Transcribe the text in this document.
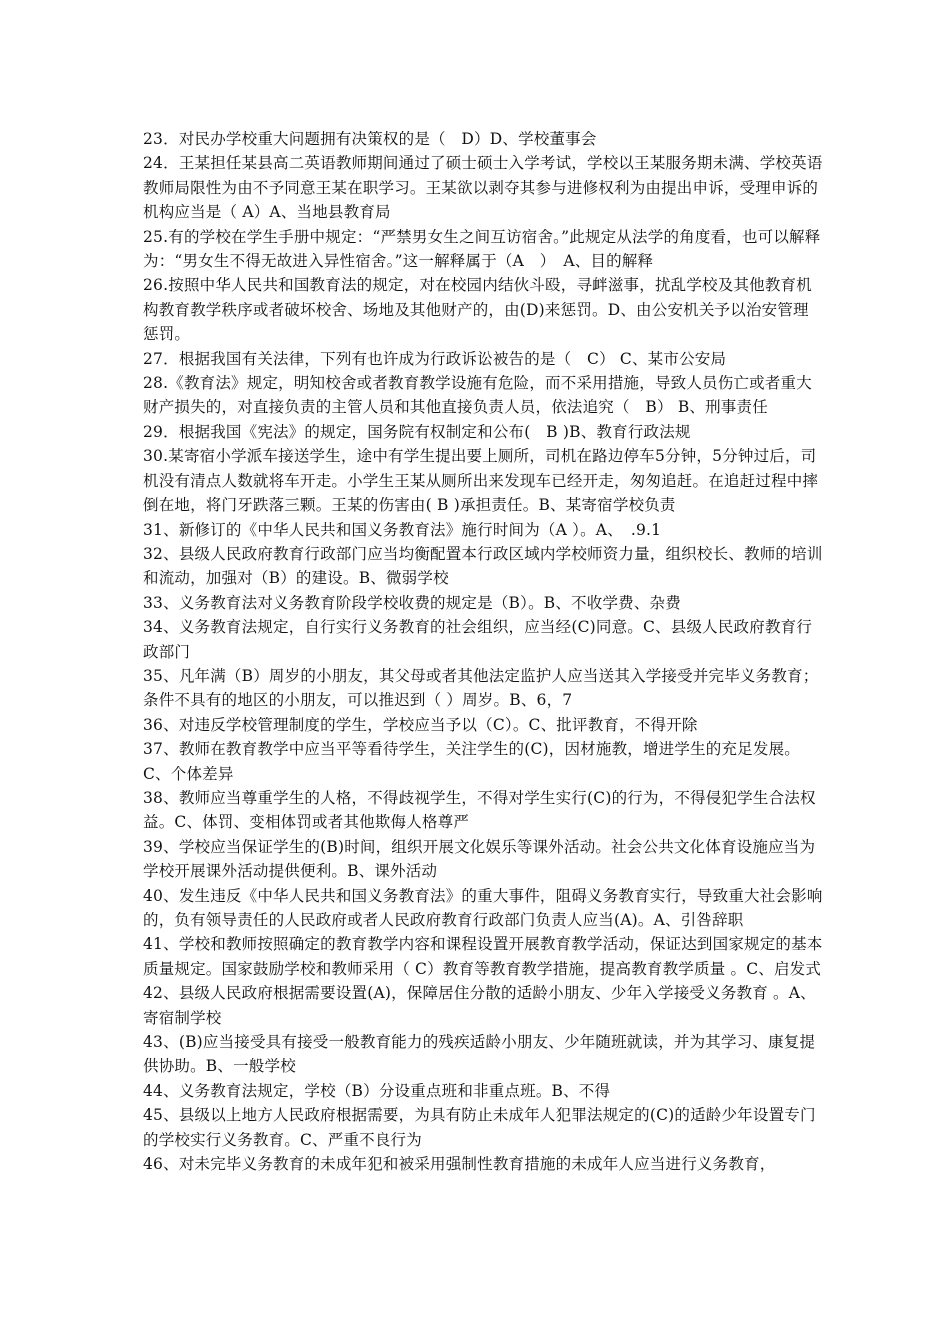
23．对民办学校重大问题拥有决策权的是（　D）D、学校董事会

24．王某担任某县高二英语教师期间通过了硕士硕士入学考试，学校以王某服务期未满、学校英语教师局限性为由不予同意王某在职学习。王某欲以剥夺其参与进修权利为由提出申诉，受理申诉的机构应当是（ A）A、当地县教育局

25.有的学校在学生手册中规定：“严禁男女生之间互访宿舍。”此规定从法学的角度看，也可以解释为：“男女生不得无故进入异性宿舍。”这一解释属于（A　）　A、目的解释

26.按照中华人民共和国教育法的规定，对在校园内结伙斗殴，寻衅滋事，扰乱学校及其他教育机构教育教学秩序或者破坏校舍、场地及其他财产的，由(D)来惩罚。D、由公安机关予以治安管理惩罚。

27．根据我国有关法律，下列有也许成为行政诉讼被告的是（　C） C、某市公安局

28.《教育法》规定，明知校舍或者教育教学设施有危险，而不采用措施，导致人员伤亡或者重大财产损失的，对直接负责的主管人员和其他直接负责人员，依法追究（　B） B、刑事责任

29．根据我国《宪法》的规定，国务院有权制定和公布(　B )B、教育行政法规

30.某寄宿小学派车接送学生，途中有学生提出要上厕所，司机在路边停车5分钟，5分钟过后，司机没有清点人数就将车开走。小学生王某从厕所出来发现车已经开走，匆匆追赶。在追赶过程中摔倒在地，将门牙跌落三颗。王某的伤害由( B )承担责任。B、某寄宿学校负责

31、新修订的《中华人民共和国义务教育法》施行时间为（A ）。A、　.9.1

32、县级人民政府教育行政部门应当均衡配置本行政区域内学校师资力量，组织校长、教师的培训和流动，加强对（B）的建设。B、微弱学校

33、义务教育法对义务教育阶段学校收费的规定是（B）。B、不收学费、杂费

34、义务教育法规定，自行实行义务教育的社会组织，应当经(C)同意。C、县级人民政府教育行政部门

35、凡年满（B）周岁的小朋友，其父母或者其他法定监护人应当送其入学接受并完毕义务教育；条件不具有的地区的小朋友，可以推迟到（ ）周岁。B、6，7

36、对违反学校管理制度的学生，学校应当予以（C）。C、批评教育，不得开除

37、教师在教育教学中应当平等看待学生，关注学生的(C)，因材施教，增进学生的充足发展。C、个体差异

38、教师应当尊重学生的人格，不得歧视学生，不得对学生实行(C)的行为，不得侵犯学生合法权益。C、体罚、变相体罚或者其他欺侮人格尊严

39、学校应当保证学生的(B)时间，组织开展文化娱乐等课外活动。社会公共文化体育设施应当为学校开展课外活动提供便利。B、课外活动

40、发生违反《中华人民共和国义务教育法》的重大事件，阻碍义务教育实行，导致重大社会影响的，负有领导责任的人民政府或者人民政府教育行政部门负责人应当(A)。A、引咎辞职

41、学校和教师按照确定的教育教学内容和课程设置开展教育教学活动，保证达到国家规定的基本质量规定。国家鼓励学校和教师采用（ C）教育等教育教学措施，提高教育教学质量 。C、启发式

42、县级人民政府根据需要设置(A)，保障居住分散的适龄小朋友、少年入学接受义务教育 。A、寄宿制学校

43、(B)应当接受具有接受一般教育能力的残疾适龄小朋友、少年随班就读，并为其学习、康复提供协助。B、一般学校

44、义务教育法规定，学校（B）分设重点班和非重点班。B、不得

45、县级以上地方人民政府根据需要，为具有防止未成年人犯罪法规定的(C)的适龄少年设置专门的学校实行义务教育。C、严重不良行为

46、对未完毕义务教育的未成年犯和被采用强制性教育措施的未成年人应当进行义务教育，
